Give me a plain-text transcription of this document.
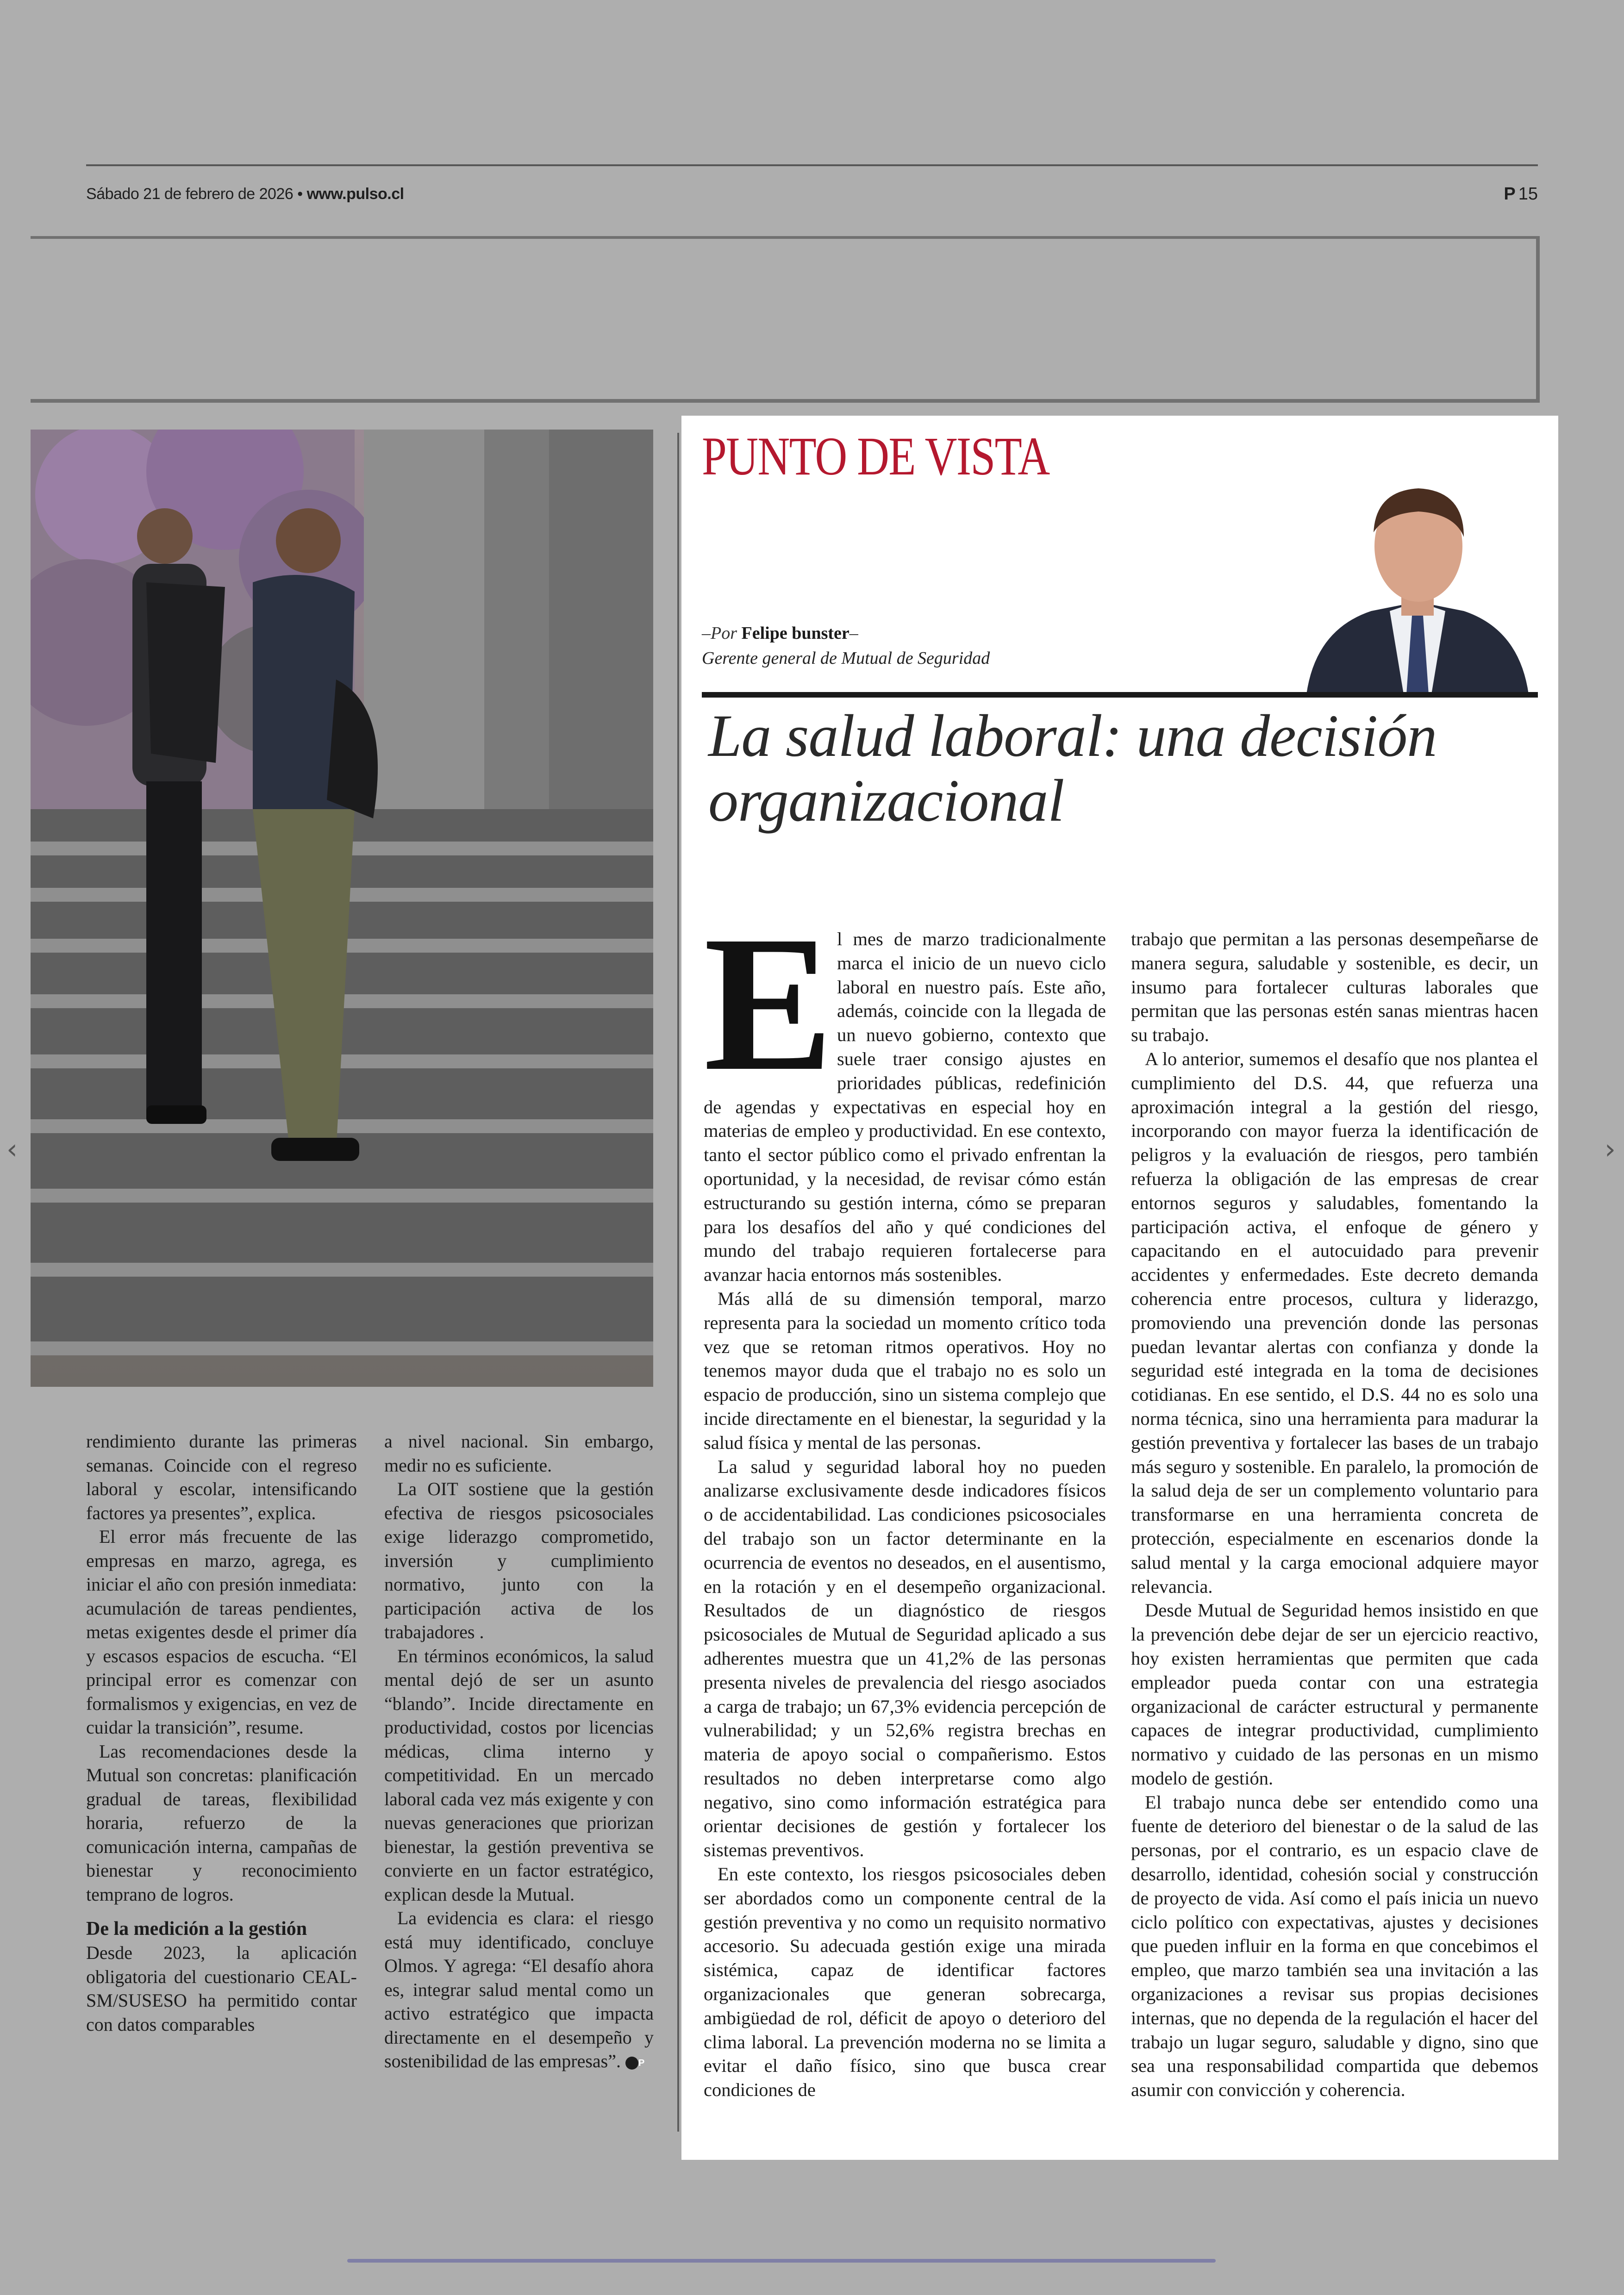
Sábado 21 de febrero de 2026 • www.pulso.cl	P 15

rendimiento durante las primeras semanas. Coincide con el regreso laboral y escolar, intensificando factores ya presentes”, explica.

El error más frecuente de las empresas en marzo, agrega, es iniciar el año con presión inmediata: acumulación de tareas pendientes, metas exigentes desde el primer día y escasos espacios de escucha. “El principal error es comenzar con formalismos y exigencias, en vez de cuidar la transición”, resume.

Las recomendaciones desde la Mutual son concretas: planificación gradual de tareas, flexibilidad horaria, refuerzo de la comunicación interna, campañas de bienestar y reconocimiento temprano de logros.

De la medición a la gestión

Desde 2023, la aplicación obligatoria del cuestionario CEAL-SM/SUSESO ha permitido contar con datos comparables

a nivel nacional. Sin embargo, medir no es suficiente.

La OIT sostiene que la gestión efectiva de riesgos psicosociales exige liderazgo comprometido, inversión y cumplimiento normativo, junto con la participación activa de los trabajadores .

En términos económicos, la salud mental dejó de ser un asunto “blando”. Incide directamente en productividad, costos por licencias médicas, clima interno y competitividad. En un mercado laboral cada vez más exigente y con nuevas generaciones que priorizan bienestar, la gestión preventiva se convierte en un factor estratégico, explican desde la Mutual.

La evidencia es clara: el riesgo está muy identificado, concluye Olmos. Y agrega: “El desafío ahora es, integrar salud mental como un activo estratégico que impacta directamente en el desempeño y sostenibilidad de las empresas”. P

PUNTO DE VISTA
–Por Felipe bunster–
Gerente general de Mutual de Seguridad
La salud laboral: una decisión organizacional

E l mes de marzo tradicionalmente marca el inicio de un nuevo ciclo laboral en nuestro país. Este año, además, coincide con la llegada de un nuevo gobierno, contexto que suele traer consigo ajustes en prioridades públicas, redefinición de agendas y expectativas en especial hoy en materias de empleo y productividad. En ese contexto, tanto el sector público como el privado enfrentan la oportunidad, y la necesidad, de revisar cómo están estructurando su gestión interna, cómo se preparan para los desafíos del año y qué condiciones del mundo del trabajo requieren fortalecerse para avanzar hacia entornos más sostenibles.

Más allá de su dimensión temporal, marzo representa para la sociedad un momento crítico toda vez que se retoman ritmos operativos. Hoy no tenemos mayor duda que el trabajo no es solo un espacio de producción, sino un sistema complejo que incide directamente en el bienestar, la seguridad y la salud física y mental de las personas.

La salud y seguridad laboral hoy no pueden analizarse exclusivamente desde indicadores físicos o de accidentabilidad. Las condiciones psicosociales del trabajo son un factor determinante en la ocurrencia de eventos no deseados, en el ausentismo, en la rotación y en el desempeño organizacional. Resultados de un diagnóstico de riesgos psicosociales de Mutual de Seguridad aplicado a sus adherentes muestra que un 41,2% de las personas presenta niveles de prevalencia del riesgo asociados a carga de trabajo; un 67,3% evidencia percepción de vulnerabilidad; y un 52,6% registra brechas en materia de apoyo social o compañerismo. Estos resultados no deben interpretarse como algo negativo, sino como información estratégica para orientar decisiones de gestión y fortalecer los sistemas preventivos.

En este contexto, los riesgos psicosociales deben ser abordados como un componente central de la gestión preventiva y no como un requisito normativo accesorio. Su adecuada gestión exige una mirada sistémica, capaz de identificar factores organizacionales que generan sobrecarga, ambigüedad de rol, déficit de apoyo o deterioro del clima laboral. La prevención moderna no se limita a evitar el daño físico, sino que busca crear condiciones de

trabajo que permitan a las personas desempeñarse de manera segura, saludable y sostenible, es decir, un insumo para fortalecer culturas laborales que permitan que las personas estén sanas mientras hacen su trabajo.

A lo anterior, sumemos el desafío que nos plantea el cumplimiento del D.S. 44, que refuerza una aproximación integral a la gestión del riesgo, incorporando con mayor fuerza la identificación de peligros y la evaluación de riesgos, pero también refuerza la obligación de las empresas de crear entornos seguros y saludables, fomentando la participación activa, el enfoque de género y capacitando en el autocuidado para prevenir accidentes y enfermedades. Este decreto demanda coherencia entre procesos, cultura y liderazgo, promoviendo una prevención donde las personas puedan levantar alertas con confianza y donde la seguridad esté integrada en la toma de decisiones cotidianas. En ese sentido, el D.S. 44 no es solo una norma técnica, sino una herramienta para madurar la gestión preventiva y fortalecer las bases de un trabajo más seguro y sostenible. En paralelo, la promoción de la salud deja de ser un complemento voluntario para transformarse en una herramienta concreta de protección, especialmente en escenarios donde la salud mental y la carga emocional adquiere mayor relevancia.

Desde Mutual de Seguridad hemos insistido en que la prevención debe dejar de ser un ejercicio reactivo, hoy existen herramientas que permiten que cada empleador pueda contar con una estrategia organizacional de carácter estructural y permanente capaces de integrar productividad, cumplimiento normativo y cuidado de las personas en un mismo modelo de gestión.

El trabajo nunca debe ser entendido como una fuente de deterioro del bienestar o de la salud de las personas, por el contrario, es un espacio clave de desarrollo, identidad, cohesión social y construcción de proyecto de vida. Así como el país inicia un nuevo ciclo político con expectativas, ajustes y decisiones que pueden influir en la forma en que concebimos el empleo, que marzo también sea una invitación a las organizaciones a revisar sus propias decisiones internas, que no dependa de la regulación el hacer del trabajo un lugar seguro, saludable y digno, sino que sea una responsabilidad compartida que debemos asumir con convicción y coherencia.

‹	›
